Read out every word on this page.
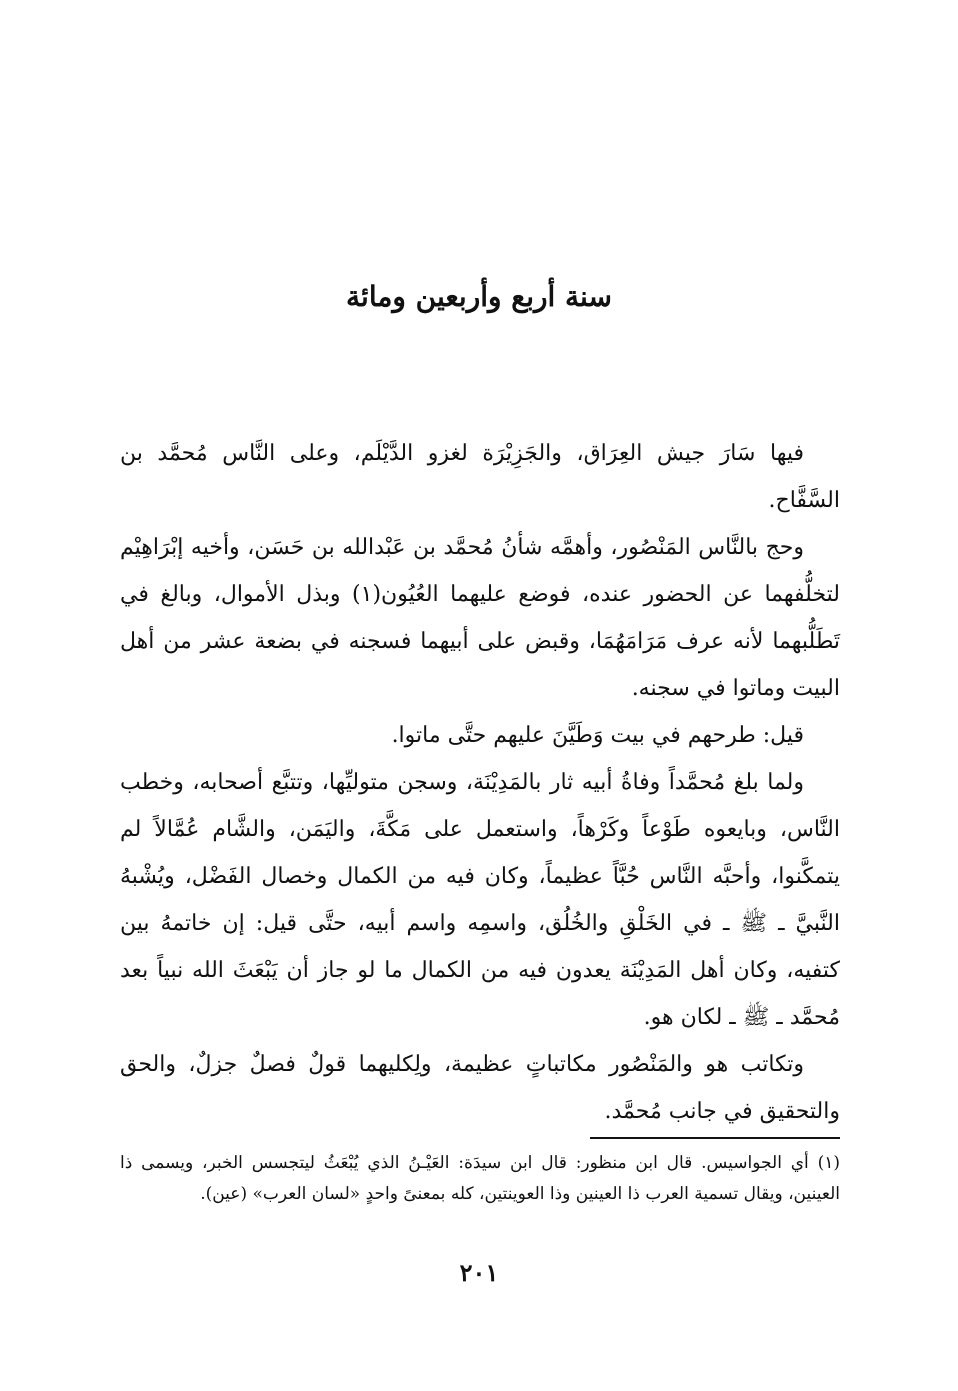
سنة أربع وأربعين ومائة

فيها سَارَ جيش العِرَاق، والجَزِيْرَة لغزو الدَّيْلَم، وعلى النَّاس مُحمَّد بن السَّفَّاح.

وحج بالنَّاس المَنْصُور، وأهمَّه شأنُ مُحمَّد بن عَبْدالله بن حَسَن، وأخيه إبْرَاهِيْم لتخلُّفهما عن الحضور عنده، فوضع عليهما العُيُون(١) وبذل الأموال، وبالغ في تَطَلُّبهما لأنه عرف مَرَامَهُمَا، وقبض على أبيهما فسجنه في بضعة عشر من أهل البيت وماتوا في سجنه.

قيل: طرحهم في بيت وَطَيَّنَ عليهم حتَّى ماتوا.

ولما بلغ مُحمَّداً وفاةُ أبيه ثار بالمَدِيْنَة، وسجن متوليِّها، وتتبَّع أصحابه، وخطب النَّاس، وبايعوه طَوْعاً وكَرْهاً، واستعمل على مَكَّةَ، واليَمَن، والشَّام عُمَّالاً لم يتمكَّنوا، وأحبَّه النَّاس حُبَّاً عظيماً، وكان فيه من الكمال وخصال الفَضْل، ويُشْبهُ النَّبيَّ ـ ﷺ ـ في الخَلْقِ والخُلُق، واسمِه واسم أبيه، حتَّى قيل: إن خاتمهُ بين كتفيه، وكان أهل المَدِيْنَة يعدون فيه من الكمال ما لو جاز أن يَبْعَثَ الله نبياً بعد مُحمَّد ـ ﷺ ـ لكان هو.

وتكاتب هو والمَنْصُور مكاتباتٍ عظيمة، ولِكليهما قولٌ فصلٌ جزلٌ، والحق والتحقيق في جانب مُحمَّد.

(١) أي الجواسيس. قال ابن منظور: قال ابن سيدَة: العَيْـنُ الذي يُبْعَثُ ليتجسس الخبر، ويسمى ذا العينين، ويقال تسمية العرب ذا العينين وذا العوينتين، كله بمعنىً واحدٍ «لسان العرب» (عين).

٢٠١
